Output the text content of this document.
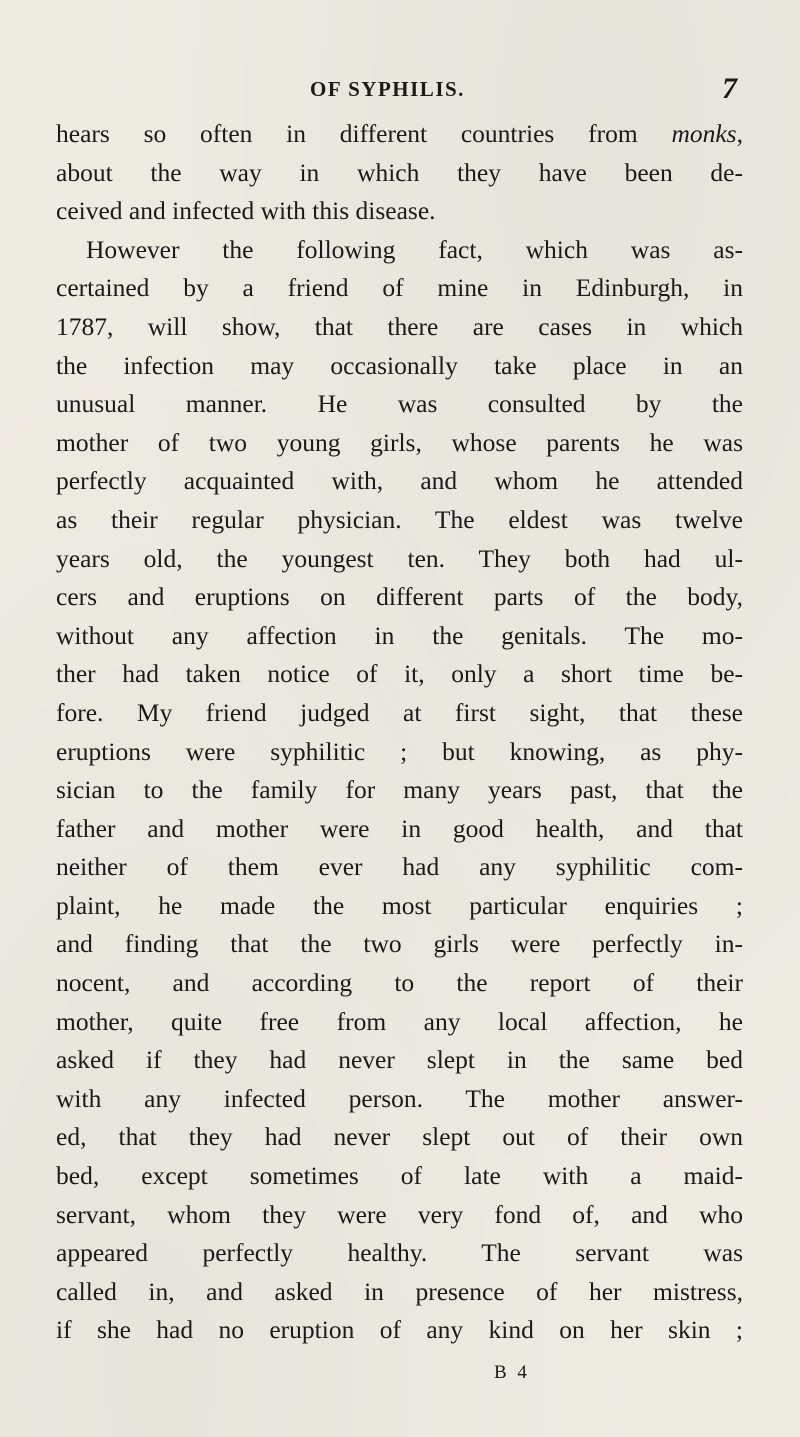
OF SYPHILIS.	7
hears so often in different countries from monks,
about the way in which they have been de-
ceived and infected with this disease.
However the following fact, which was as-
certained by a friend of mine in Edinburgh, in
1787, will show, that there are cases in which
the infection may occasionally take place in an
unusual manner. He was consulted by the
mother of two young girls, whose parents he was
perfectly acquainted with, and whom he attended
as their regular physician. The eldest was twelve
years old, the youngest ten. They both had ul-
cers and eruptions on different parts of the body,
without any affection in the genitals. The mo-
ther had taken notice of it, only a short time be-
fore. My friend judged at first sight, that these
eruptions were syphilitic ; but knowing, as phy-
sician to the family for many years past, that the
father and mother were in good health, and that
neither of them ever had any syphilitic com-
plaint, he made the most particular enquiries ;
and finding that the two girls were perfectly in-
nocent, and according to the report of their
mother, quite free from any local affection, he
asked if they had never slept in the same bed
with any infected person. The mother answer-
ed, that they had never slept out of their own
bed, except sometimes of late with a maid-
servant, whom they were very fond of, and who
appeared perfectly healthy. The servant was
called in, and asked in presence of her mistress,
if she had no eruption of any kind on her skin ;
B 4
